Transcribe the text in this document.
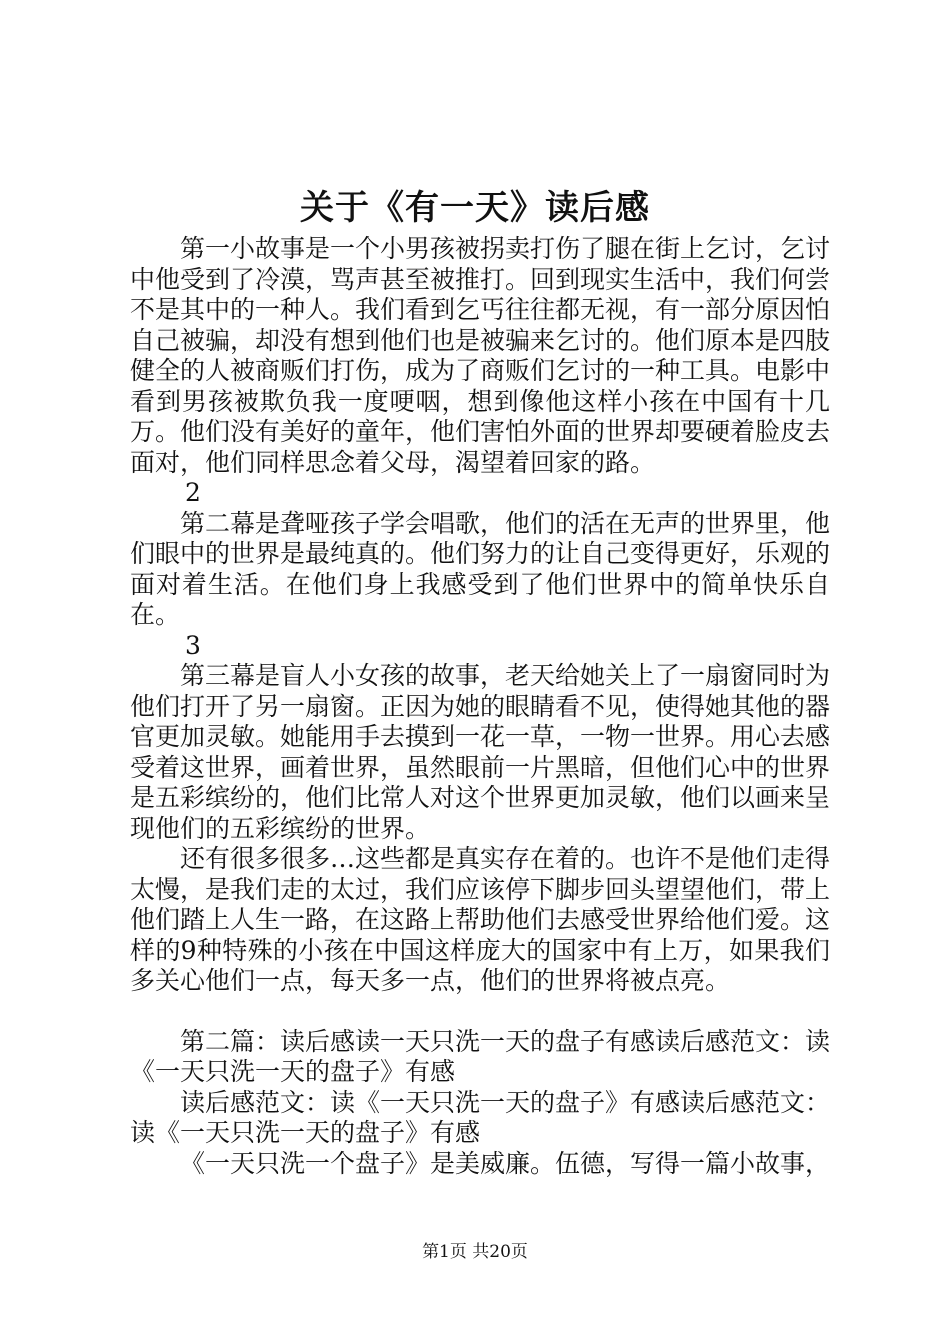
关于《有一天》读后感

第一小故事是一个小男孩被拐卖打伤了腿在街上乞讨，乞讨中他受到了冷漠，骂声甚至被推打。回到现实生活中，我们何尝不是其中的一种人。我们看到乞丐往往都无视，有一部分原因怕自己被骗，却没有想到他们也是被骗来乞讨的。他们原本是四肢健全的人被商贩们打伤，成为了商贩们乞讨的一种工具。电影中看到男孩被欺负我一度哽咽，想到像他这样小孩在中国有十几万。他们没有美好的童年，他们害怕外面的世界却要硬着脸皮去面对，他们同样思念着父母，渴望着回家的路。

2

第二幕是聋哑孩子学会唱歌，他们的活在无声的世界里，他们眼中的世界是最纯真的。他们努力的让自己变得更好，乐观的面对着生活。在他们身上我感受到了他们世界中的简单快乐自在。

3

第三幕是盲人小女孩的故事，老天给她关上了一扇窗同时为他们打开了另一扇窗。正因为她的眼睛看不见，使得她其他的器官更加灵敏。她能用手去摸到一花一草，一物一世界。用心去感受着这世界，画着世界，虽然眼前一片黑暗，但他们心中的世界是五彩缤纷的，他们比常人对这个世界更加灵敏，他们以画来呈现他们的五彩缤纷的世界。

还有很多很多…这些都是真实存在着的。也许不是他们走得太慢，是我们走的太过，我们应该停下脚步回头望望他们，带上他们踏上人生一路，在这路上帮助他们去感受世界给他们爱。这样的9种特殊的小孩在中国这样庞大的国家中有上万，如果我们多关心他们一点，每天多一点，他们的世界将被点亮。

第二篇：读后感读一天只洗一天的盘子有感读后感范文：读《一天只洗一天的盘子》有感

读后感范文：读《一天只洗一天的盘子》有感读后感范文：读《一天只洗一天的盘子》有感

《一天只洗一个盘子》是美威廉。伍德，写得一篇小故事，

第1页 共20页
